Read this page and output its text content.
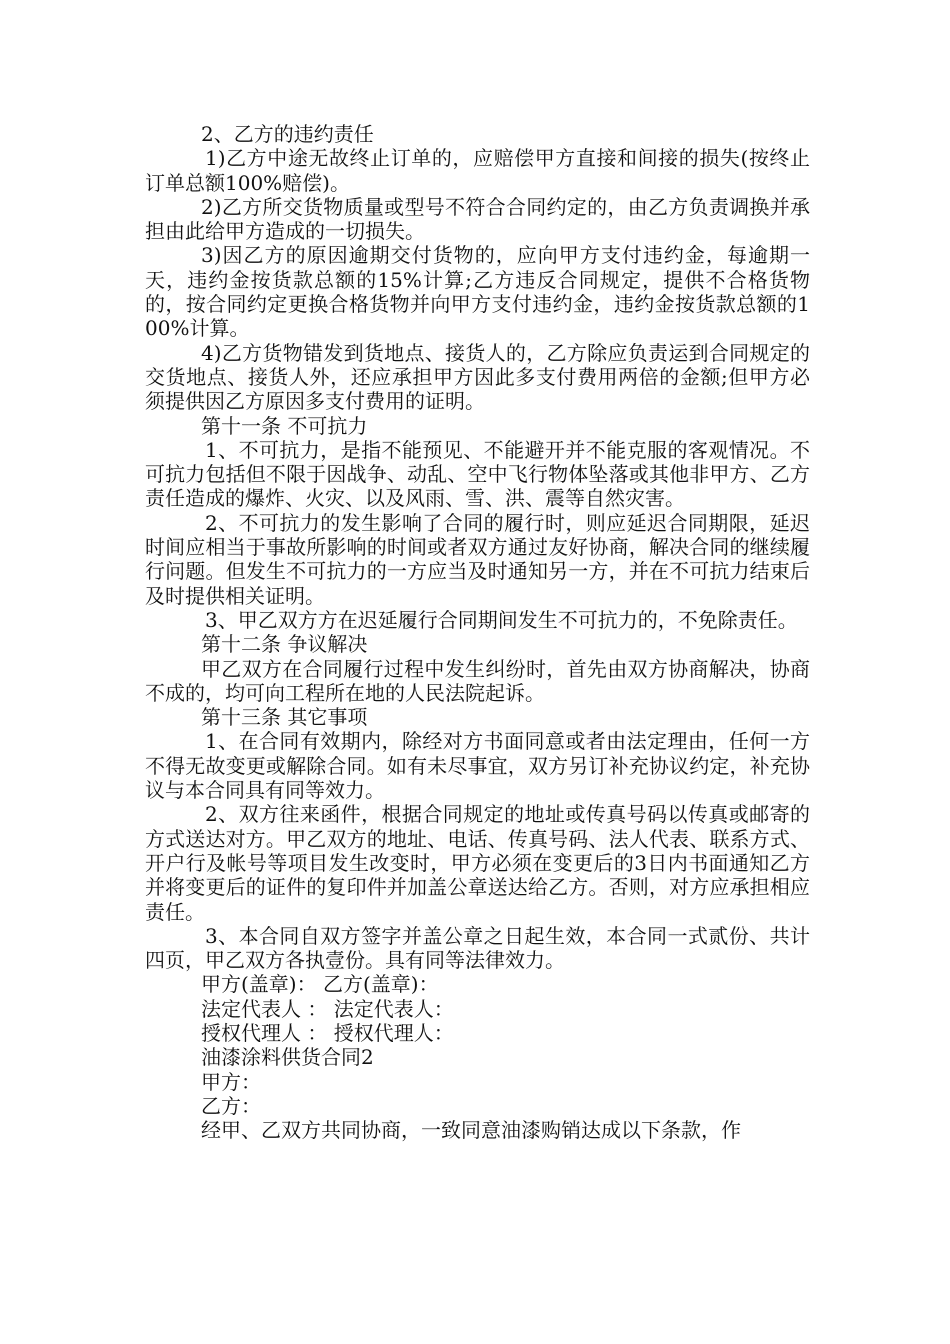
2、乙方的违约责任

1)乙方中途无故终止订单的，应赔偿甲方直接和间接的损失(按终止订单总额100%赔偿)。

2)乙方所交货物质量或型号不符合合同约定的，由乙方负责调换并承担由此给甲方造成的一切损失。

3)因乙方的原因逾期交付货物的，应向甲方支付违约金，每逾期一天，违约金按货款总额的15%计算;乙方违反合同规定，提供不合格货物的，按合同约定更换合格货物并向甲方支付违约金，违约金按货款总额的100%计算。

4)乙方货物错发到货地点、接货人的，乙方除应负责运到合同规定的交货地点、接货人外，还应承担甲方因此多支付费用两倍的金额;但甲方必须提供因乙方原因多支付费用的证明。

第十一条 不可抗力

1、不可抗力，是指不能预见、不能避开并不能克服的客观情况。不可抗力包括但不限于因战争、动乱、空中飞行物体坠落或其他非甲方、乙方责任造成的爆炸、火灾、以及风雨、雪、洪、震等自然灾害。

2、不可抗力的发生影响了合同的履行时，则应延迟合同期限，延迟时间应相当于事故所影响的时间或者双方通过友好协商，解决合同的继续履行问题。但发生不可抗力的一方应当及时通知另一方，并在不可抗力结束后及时提供相关证明。

3、甲乙双方方在迟延履行合同期间发生不可抗力的，不免除责任。

第十二条 争议解决

甲乙双方在合同履行过程中发生纠纷时，首先由双方协商解决，协商不成的，均可向工程所在地的人民法院起诉。

第十三条 其它事项

1、在合同有效期内，除经对方书面同意或者由法定理由，任何一方不得无故变更或解除合同。如有未尽事宜，双方另订补充协议约定，补充协议与本合同具有同等效力。

2、双方往来函件，根据合同规定的地址或传真号码以传真或邮寄的方式送达对方。甲乙双方的地址、电话、传真号码、法人代表、联系方式、开户行及帐号等项目发生改变时，甲方必须在变更后的3日内书面通知乙方并将变更后的证件的复印件并加盖公章送达给乙方。否则，对方应承担相应责任。

3、本合同自双方签字并盖公章之日起生效，本合同一式贰份、共计四页，甲乙双方各执壹份。具有同等法律效力。

甲方(盖章)： 乙方(盖章)：

法定代表人 ： 法定代表人：

授权代理人 ： 授权代理人：

油漆涂料供货合同2

甲方：

乙方：

经甲、乙双方共同协商，一致同意油漆购销达成以下条款，作
